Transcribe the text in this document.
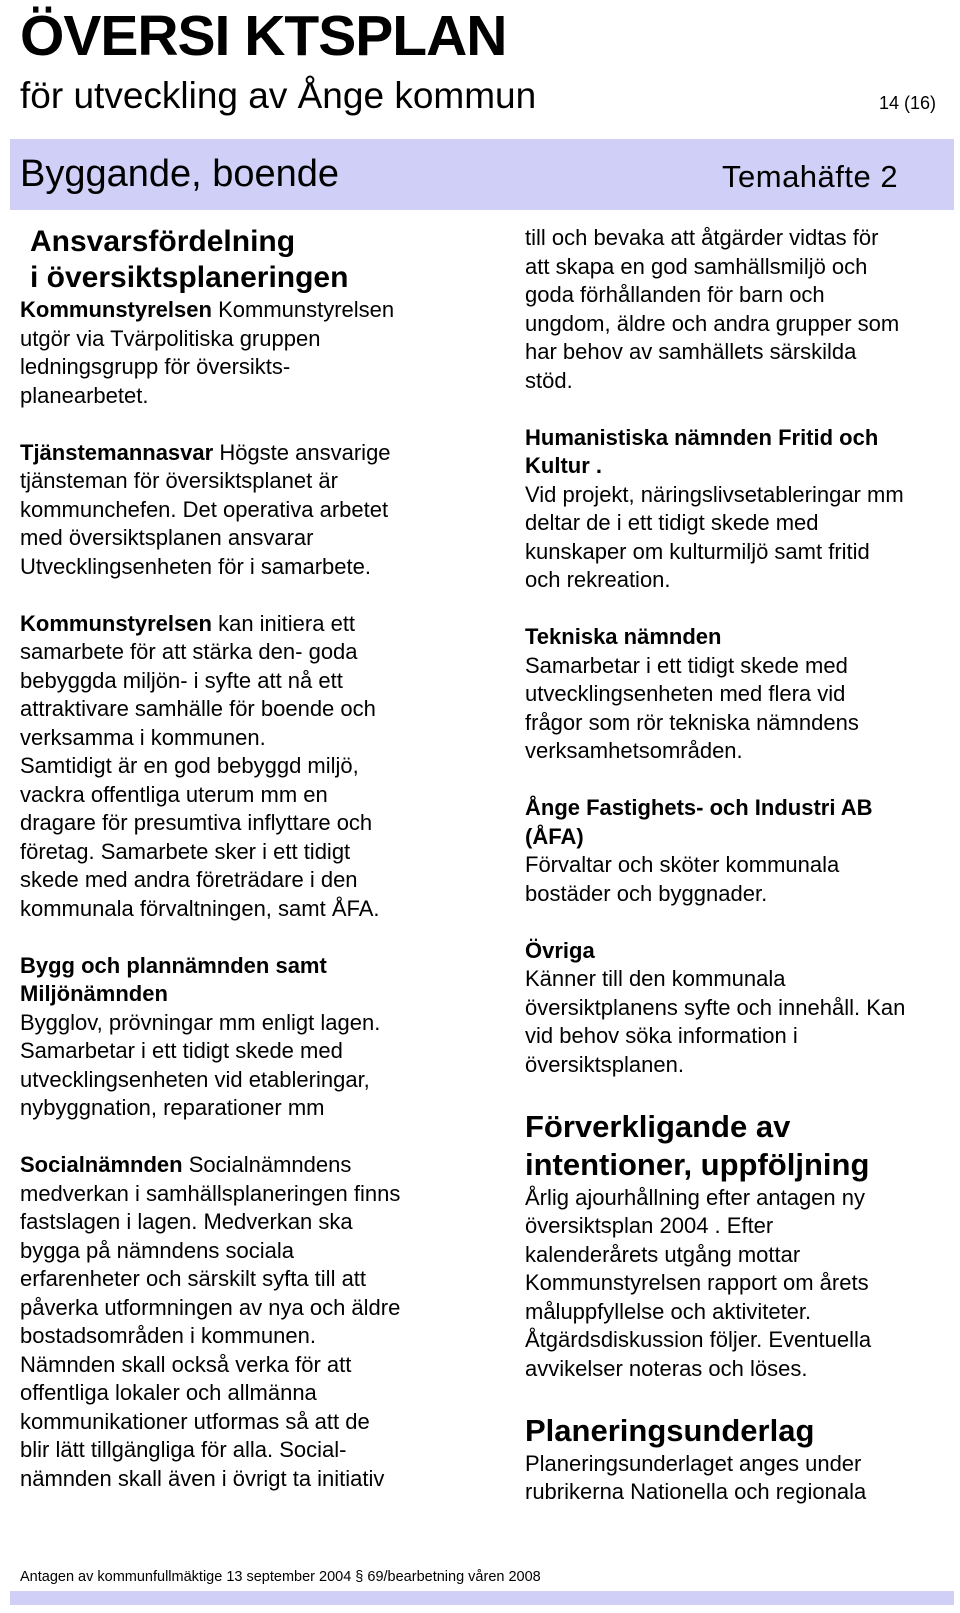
ÖVERSI KTSPLAN
för utveckling av Ånge kommun	14 (16)
Byggande, boende	Temahäfte 2
Ansvarsfördelning
i översiktsplaneringen

Kommunstyrelsen Kommunstyrelsen
utgör via Tvärpolitiska gruppen
ledningsgrupp för översikts-
planearbetet.

Tjänstemannasvar Högste ansvarige
tjänsteman för översiktsplanet är
kommunchefen. Det operativa arbetet
med översiktsplanen ansvarar
Utvecklingsenheten för i samarbete.

Kommunstyrelsen kan initiera ett
samarbete för att stärka den- goda
bebyggda miljön- i syfte att nå ett
attraktivare samhälle för boende och
verksamma i kommunen.
Samtidigt är en god bebyggd miljö,
vackra offentliga uterum mm en
dragare för presumtiva inflyttare och
företag. Samarbete sker i ett tidigt
skede med andra företrädare i den
kommunala förvaltningen, samt ÅFA.

Bygg och plannämnden samt
Miljönämnden
Bygglov, prövningar mm enligt lagen.
Samarbetar i ett tidigt skede med
utvecklingsenheten vid etableringar,
nybyggnation, reparationer mm

Socialnämnden Socialnämndens
medverkan i samhällsplaneringen finns
fastslagen i lagen. Medverkan ska
bygga på nämndens sociala
erfarenheter och särskilt syfta till att
påverka utformningen av nya och äldre
bostadsområden i kommunen.
Nämnden skall också verka för att
offentliga lokaler och allmänna
kommunikationer utformas så att de
blir lätt tillgängliga för alla. Social-
nämnden skall även i övrigt ta initiativ

till och bevaka att åtgärder vidtas för
att skapa en god samhällsmiljö och
goda förhållanden för barn och
ungdom, äldre och andra grupper som
har behov av samhällets särskilda
stöd.

Humanistiska nämnden Fritid och
Kultur .
Vid projekt, näringslivsetableringar mm
deltar de i ett tidigt skede med
kunskaper om kulturmiljö samt fritid
och rekreation.

Tekniska nämnden
Samarbetar i ett tidigt skede med
utvecklingsenheten med flera vid
frågor som rör tekniska nämndens
verksamhetsområden.

Ånge Fastighets- och Industri AB
(ÅFA)
Förvaltar och sköter kommunala
bostäder och byggnader.

Övriga
Känner till den kommunala
översiktplanens syfte och innehåll. Kan
vid behov söka information i
översiktsplanen.

Förverkligande av
intentioner, uppföljning

Årlig ajourhållning efter antagen ny
översiktsplan 2004 . Efter
kalenderårets utgång mottar
Kommunstyrelsen rapport om årets
måluppfyllelse och aktiviteter.
Åtgärdsdiskussion följer. Eventuella
avvikelser noteras och löses.

Planeringsunderlag

Planeringsunderlaget anges under
rubrikerna Nationella och regionala

Antagen av kommunfullmäktige 13 september 2004 § 69/bearbetning våren 2008
